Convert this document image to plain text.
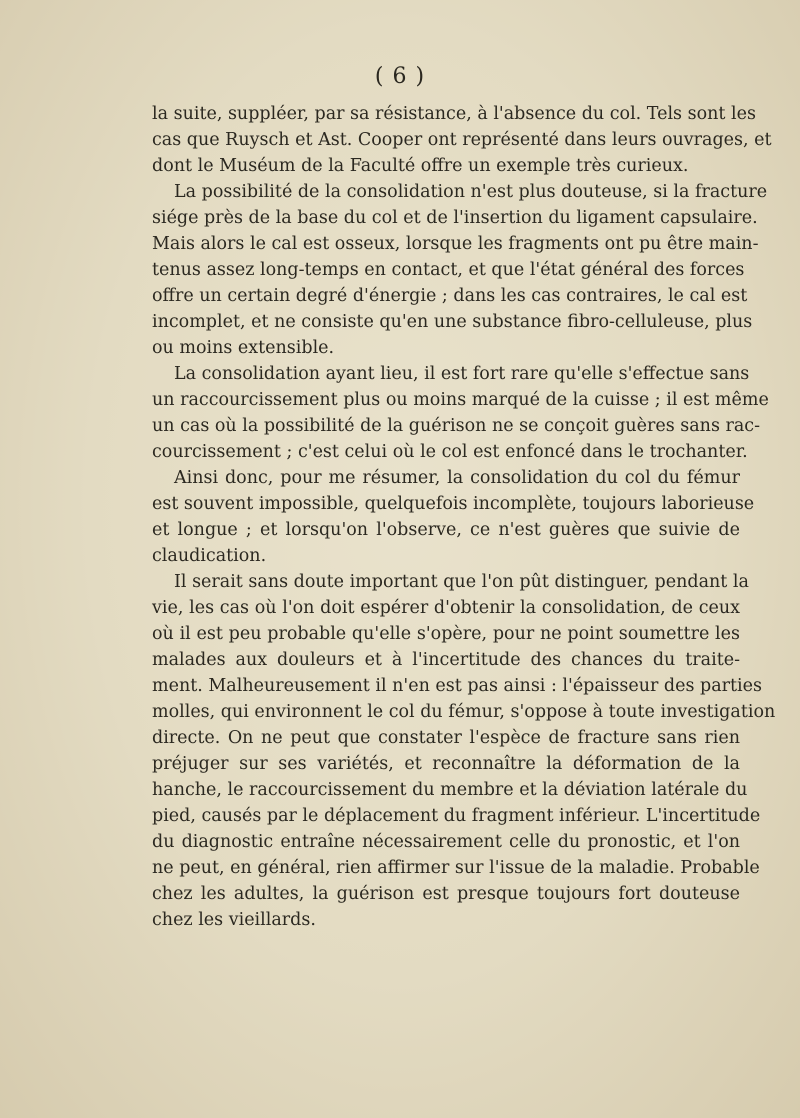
( 6 )
la suite, suppléer, par sa résistance, à l'absence du col. Tels sont les
cas que Ruysch et Ast. Cooper ont représenté dans leurs ouvrages, et
dont le Muséum de la Faculté offre un exemple très curieux.
La possibilité de la consolidation n'est plus douteuse, si la fracture
siége près de la base du col et de l'insertion du ligament capsulaire.
Mais alors le cal est osseux, lorsque les fragments ont pu être main-
tenus assez long-temps en contact, et que l'état général des forces
offre un certain degré d'énergie ; dans les cas contraires, le cal est
incomplet, et ne consiste qu'en une substance fibro-celluleuse, plus
ou moins extensible.
La consolidation ayant lieu, il est fort rare qu'elle s'effectue sans
un raccourcissement plus ou moins marqué de la cuisse ; il est même
un cas où la possibilité de la guérison ne se conçoit guères sans rac-
courcissement ; c'est celui où le col est enfoncé dans le trochanter.
Ainsi donc, pour me résumer, la consolidation du col du fémur
est souvent impossible, quelquefois incomplète, toujours laborieuse
et longue ; et lorsqu'on l'observe, ce n'est guères que suivie de
claudication.
Il serait sans doute important que l'on pût distinguer, pendant la
vie, les cas où l'on doit espérer d'obtenir la consolidation, de ceux
où il est peu probable qu'elle s'opère, pour ne point soumettre les
malades aux douleurs et à l'incertitude des chances du traite-
ment. Malheureusement il n'en est pas ainsi : l'épaisseur des parties
molles, qui environnent le col du fémur, s'oppose à toute investigation
directe. On ne peut que constater l'espèce de fracture sans rien
préjuger sur ses variétés, et reconnaître la déformation de la
hanche, le raccourcissement du membre et la déviation latérale du
pied, causés par le déplacement du fragment inférieur. L'incertitude
du diagnostic entraîne nécessairement celle du pronostic, et l'on
ne peut, en général, rien affirmer sur l'issue de la maladie. Probable
chez les adultes, la guérison est presque toujours fort douteuse
chez les vieillards.
